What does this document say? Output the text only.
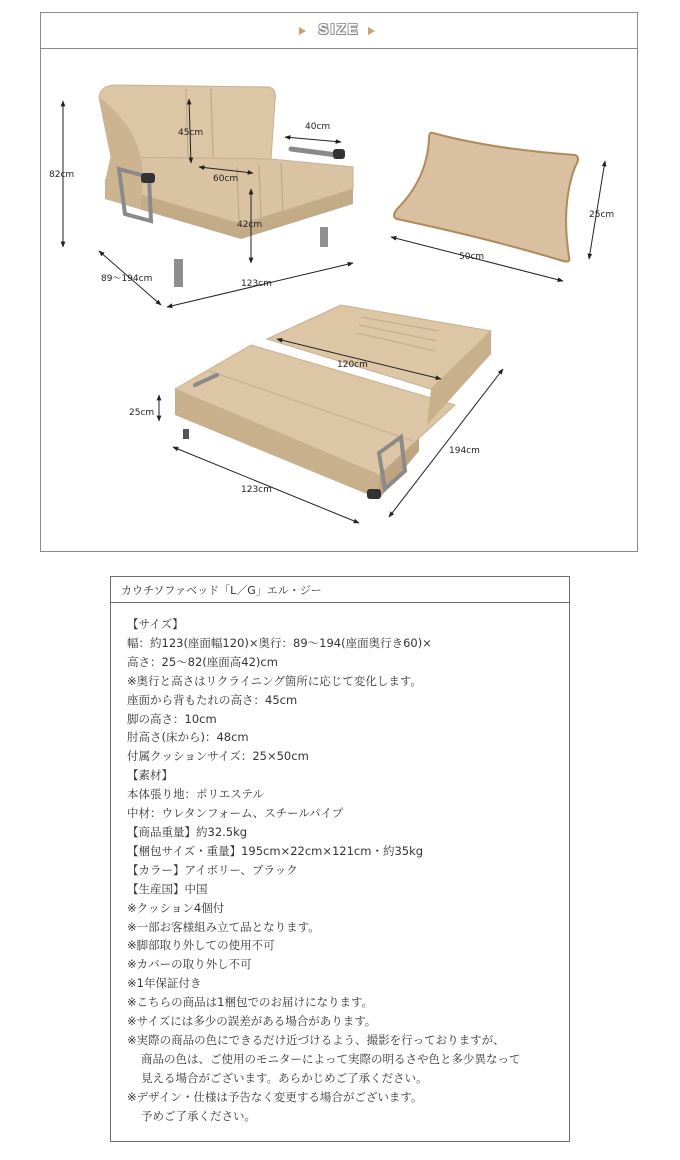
SIZE
82cm
45cm
40cm
60cm
42cm
89〜194cm	123cm
50cm
25cm
120cm
25cm
194cm
123cm
カウチソファベッド「L／G」エル・ジー
【サイズ】
幅：約123(座面幅120)×奥行：89〜194(座面奥行き60)×
高さ：25〜82(座面高42)cm
※奥行と高さはリクライニング箇所に応じて変化します。
座面から背もたれの高さ：45cm
脚の高さ：10cm
肘高さ(床から)：48cm
付属クッションサイズ：25×50cm
【素材】
本体張り地：ポリエステル
中材：ウレタンフォーム、スチールパイプ
【商品重量】約32.5kg
【梱包サイズ・重量】195cm×22cm×121cm・約35kg
【カラー】アイボリー、ブラック
【生産国】中国
※クッション4個付
※一部お客様組み立て品となります。
※脚部取り外しての使用不可
※カバーの取り外し不可
※1年保証付き
※こちらの商品は1梱包でのお届けになります。
※サイズには多少の誤差がある場合があります。
※実際の商品の色にできるだけ近づけるよう、撮影を行っておりますが、
商品の色は、ご使用のモニターによって実際の明るさや色と多少異なって
見える場合がございます。あらかじめご了承ください。
※デザイン・仕様は予告なく変更する場合がございます。
予めご了承ください。
